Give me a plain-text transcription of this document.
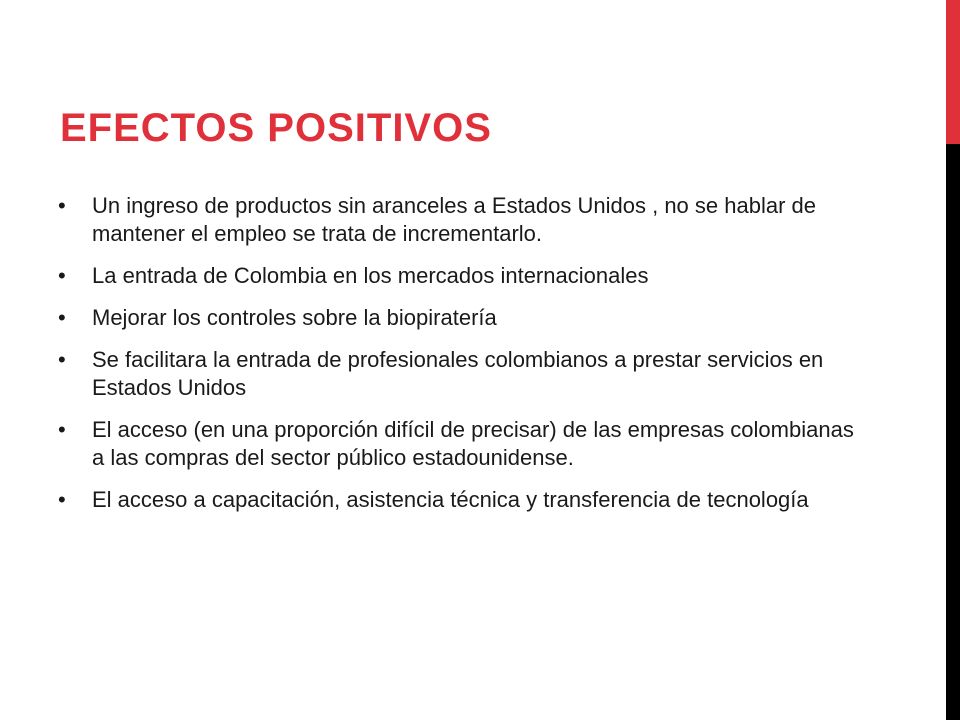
EFECTOS POSITIVOS
•	Un ingreso de productos sin aranceles a Estados Unidos , no se hablar de mantener el empleo se trata de incrementarlo.
•	La entrada de Colombia en los mercados internacionales
•	Mejorar los controles sobre la biopiratería
•	Se facilitara la entrada de profesionales colombianos a prestar servicios en Estados Unidos
•	El acceso (en una proporción difícil de precisar) de las empresas colombianas a las compras del sector público estadounidense.
•	El acceso a capacitación, asistencia técnica y transferencia de tecnología
